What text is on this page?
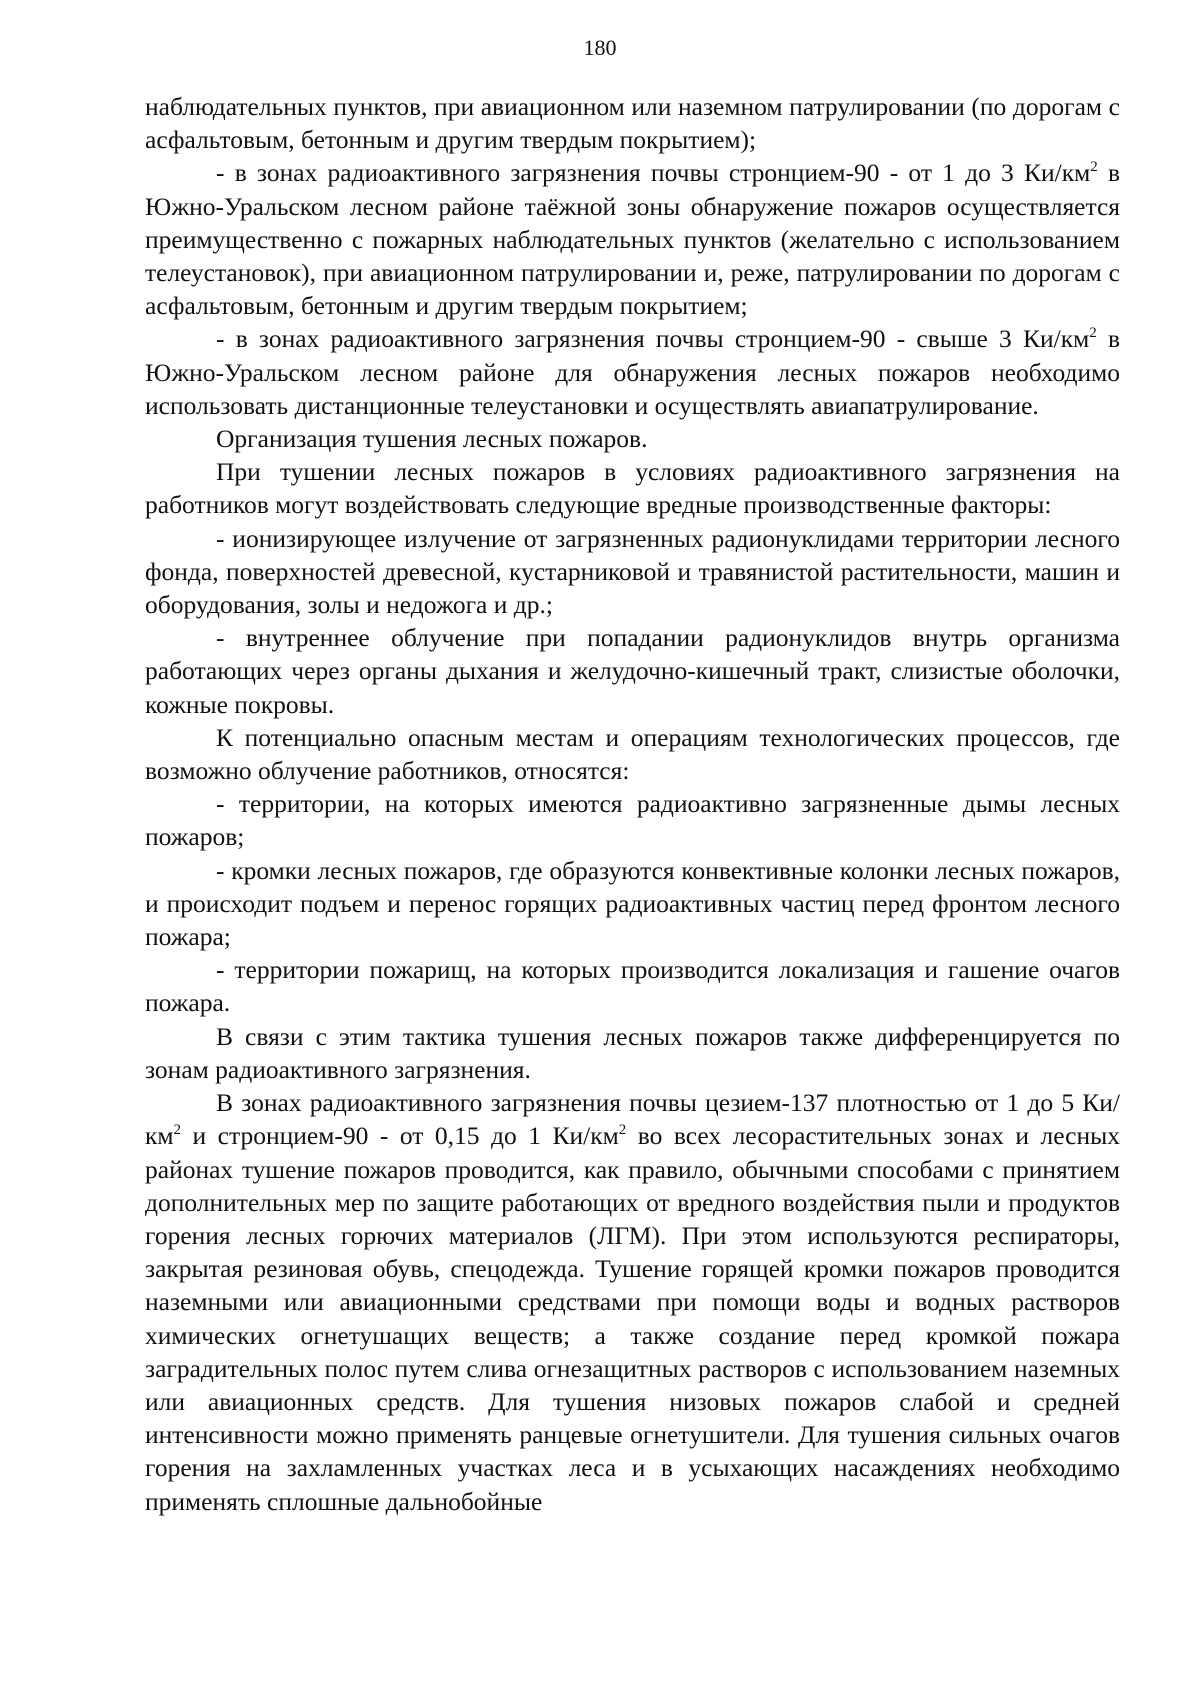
180

наблюдательных пунктов, при авиационном или наземном патрулировании (по дорогам с асфальтовым, бетонным и другим твердым покрытием);

- в зонах радиоактивного загрязнения почвы стронцием-90 - от 1 до 3 $Ки/км^2$ в Южно-Уральском лесном районе таёжной зоны обнаружение пожаров осуществляется преимущественно с пожарных наблюдательных пунктов (желательно с использованием телеустановок), при авиационном патрулировании и, реже, патрулировании по дорогам с асфальтовым, бетонным и другим твердым покрытием;

- в зонах радиоактивного загрязнения почвы стронцием-90 - свыше 3 $Ки/км^2$ в Южно-Уральском лесном районе для обнаружения лесных пожаров необходимо использовать дистанционные телеустановки и осуществлять авиапатрулирование.

Организация тушения лесных пожаров.

При тушении лесных пожаров в условиях радиоактивного загрязнения на работников могут воздействовать следующие вредные производственные факторы:

- ионизирующее излучение от загрязненных радионуклидами территории лесного фонда, поверхностей древесной, кустарниковой и травянистой растительности, машин и оборудования, золы и недожога и др.;

- внутреннее облучение при попадании радионуклидов внутрь организма работающих через органы дыхания и желудочно-кишечный тракт, слизистые оболочки, кожные покровы.

К потенциально опасным местам и операциям технологических процессов, где возможно облучение работников, относятся:

- территории, на которых имеются радиоактивно загрязненные дымы лесных пожаров;

- кромки лесных пожаров, где образуются конвективные колонки лесных пожаров, и происходит подъем и перенос горящих радиоактивных частиц перед фронтом лесного пожара;

- территории пожарищ, на которых производится локализация и гашение очагов пожара.

В связи с этим тактика тушения лесных пожаров также дифференцируется по зонам радиоактивного загрязнения.

В зонах радиоактивного загрязнения почвы цезием-137 плотностью от 1 до 5 $Ки/км^2$ и стронцием-90 - от 0,15 до 1 $Ки/км^2$ во всех лесорастительных зонах и лесных районах тушение пожаров проводится, как правило, обычными способами с принятием дополнительных мер по защите работающих от вредного воздействия пыли и продуктов горения лесных горючих материалов (ЛГМ). При этом используются респираторы, закрытая резиновая обувь, спецодежда. Тушение горящей кромки пожаров проводится наземными или авиационными средствами при помощи воды и водных растворов химических огнетушащих веществ; а также создание перед кромкой пожара заградительных полос путем слива огнезащитных растворов с использованием наземных или авиационных средств. Для тушения низовых пожаров слабой и средней интенсивности можно применять ранцевые огнетушители. Для тушения сильных очагов горения на захламленных участках леса и в усыхающих насаждениях необходимо применять сплошные дальнобойные
